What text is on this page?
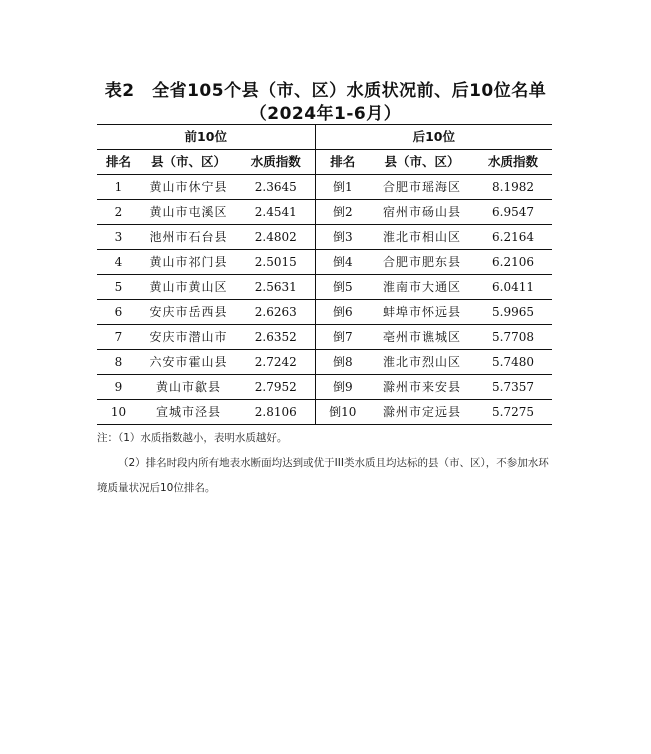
表2　全省105个县（市、区）水质状况前、后10位名单
（2024年1-6月）
前10位			后10位		
排名	县（市、区）	水质指数	排名	县（市、区）	水质指数
1	黄山市休宁县	2.3645	倒1	合肥市瑶海区	8.1982
2	黄山市屯溪区	2.4541	倒2	宿州市砀山县	6.9547
3	池州市石台县	2.4802	倒3	淮北市相山区	6.2164
4	黄山市祁门县	2.5015	倒4	合肥市肥东县	6.2106
5	黄山市黄山区	2.5631	倒5	淮南市大通区	6.0411
6	安庆市岳西县	2.6263	倒6	蚌埠市怀远县	5.9965
7	安庆市潜山市	2.6352	倒7	亳州市谯城区	5.7708
8	六安市霍山县	2.7242	倒8	淮北市烈山区	5.7480
9	黄山市歙县	2.7952	倒9	滁州市来安县	5.7357
10	宣城市泾县	2.8106	倒10	滁州市定远县	5.7275
注：（1）水质指数越小，表明水质越好。
（2）排名时段内所有地表水断面均达到或优于III类水质且均达标的县（市、区），不参加水环境质量状况后10位排名。
